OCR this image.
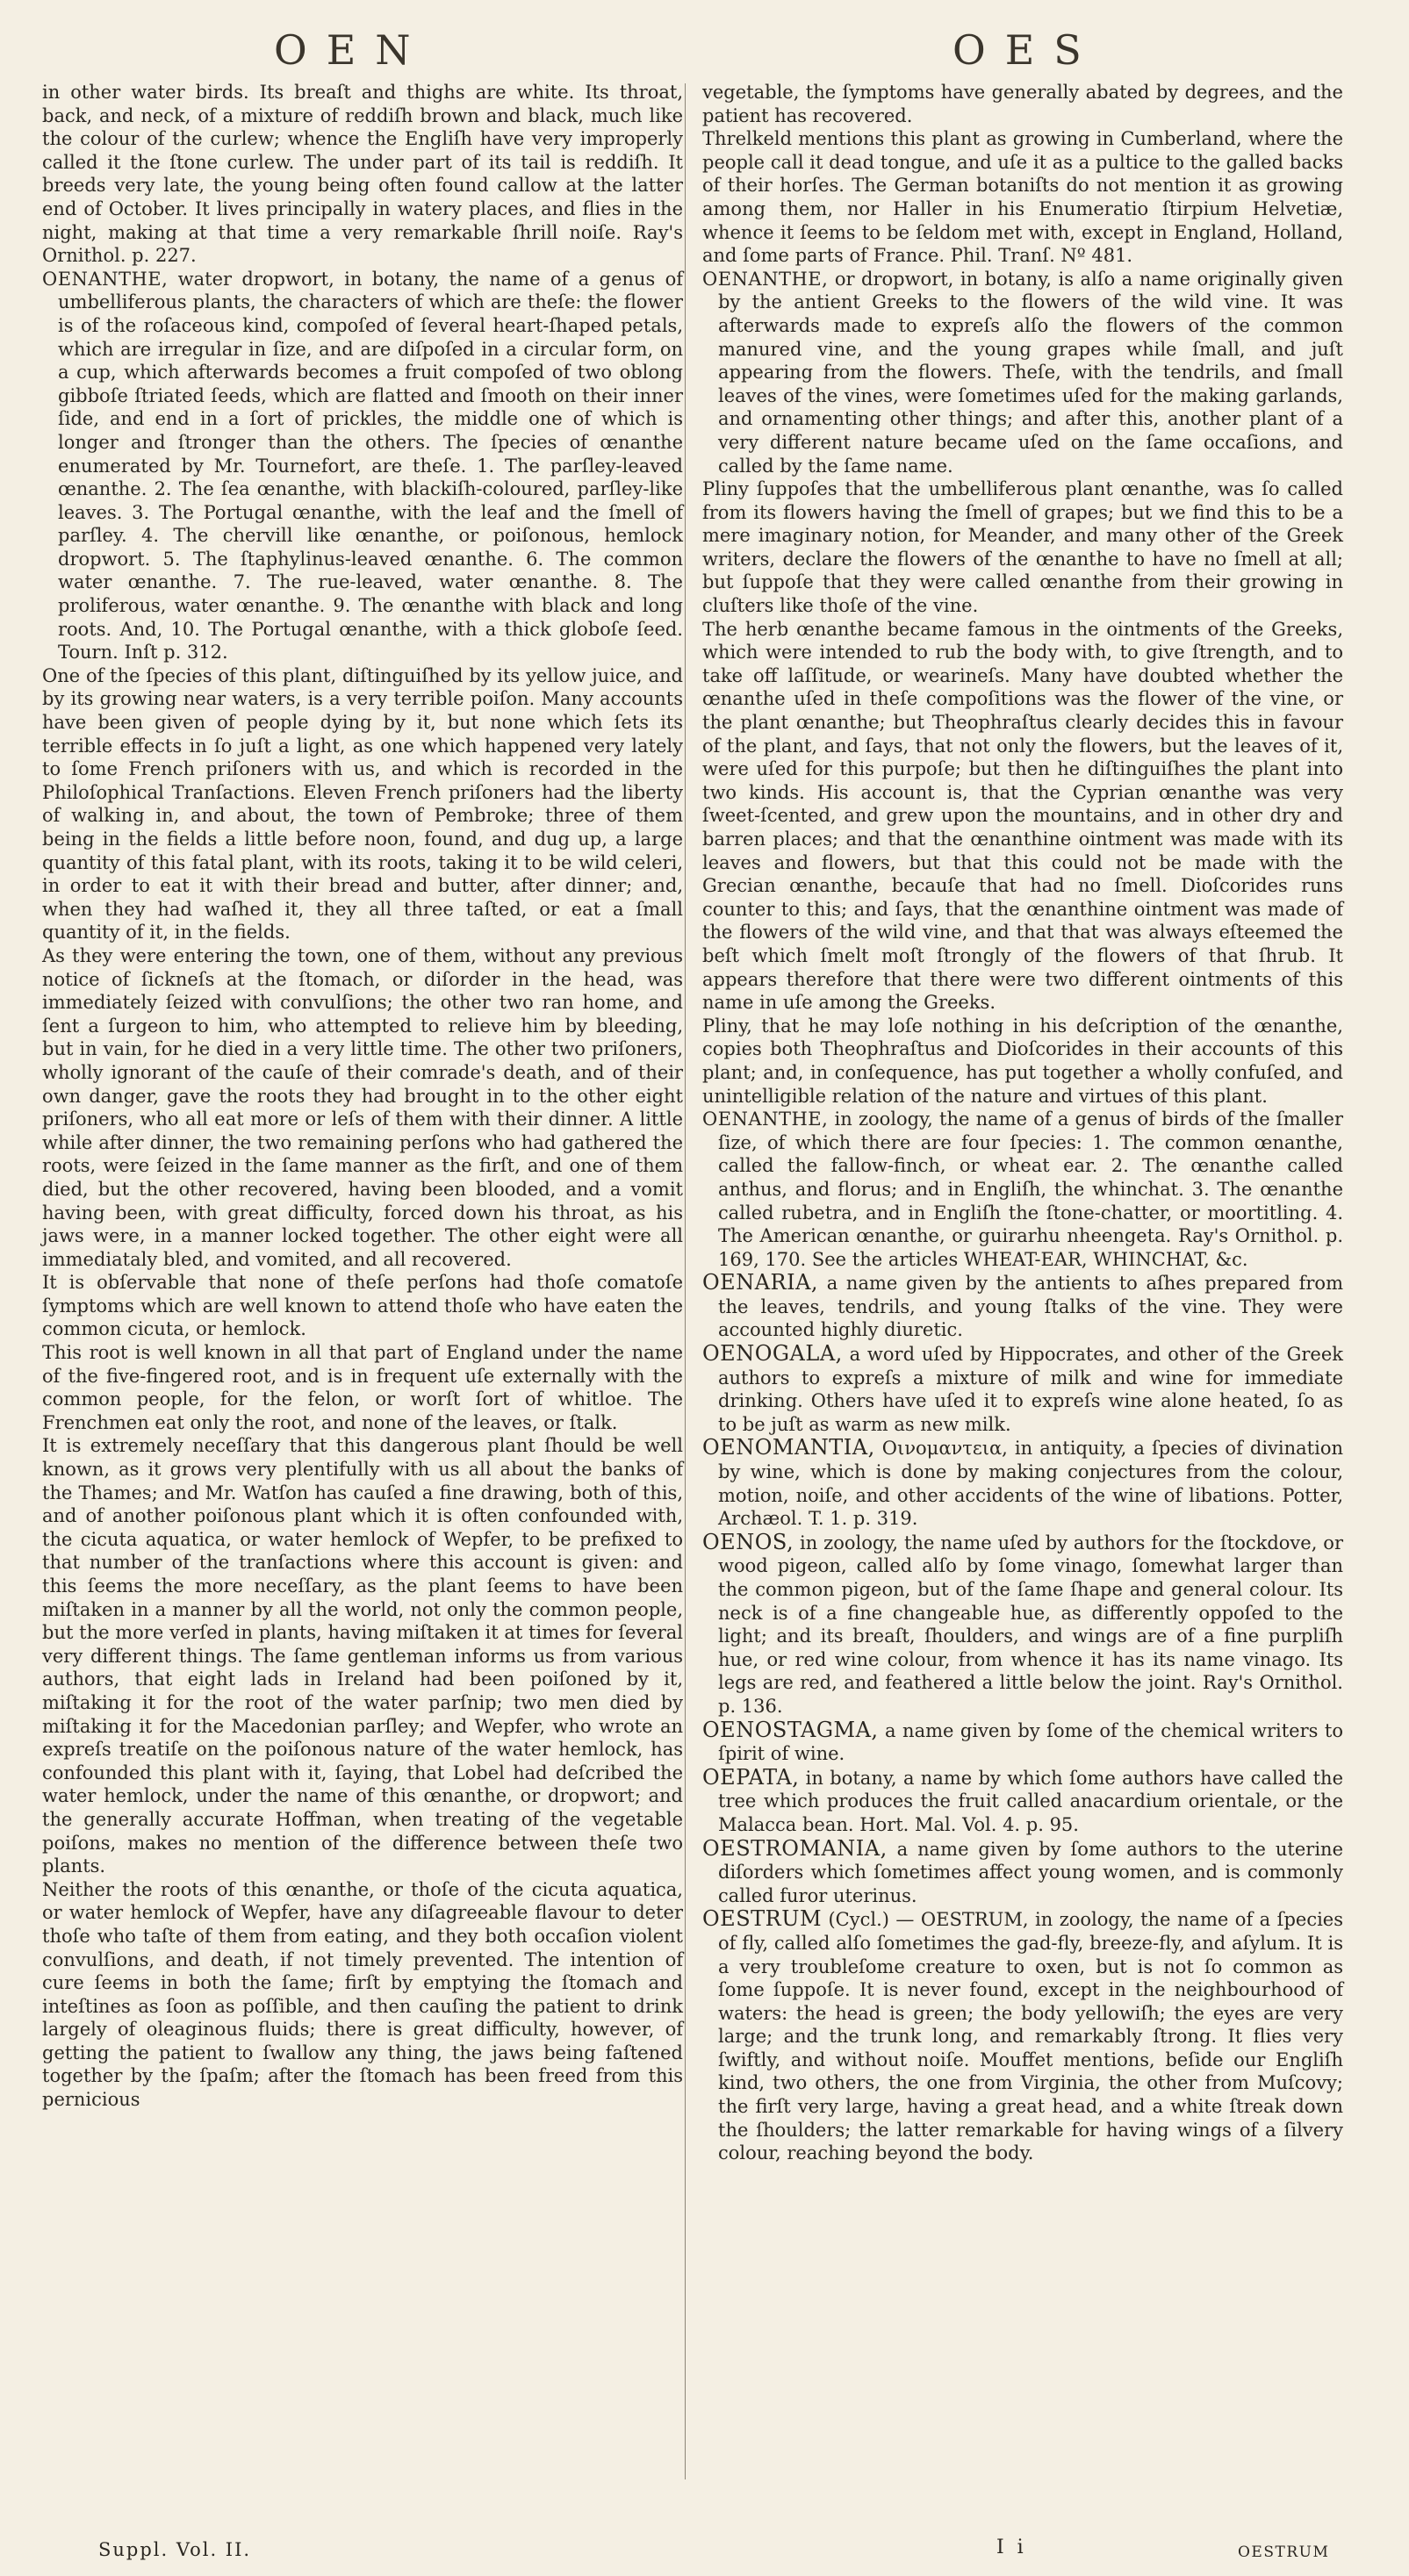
OEN	OES

in other water birds. Its breaſt and thighs are white. Its throat, back, and neck, of a mixture of reddiſh brown and black, much like the colour of the curlew; whence the Engliſh have very improperly called it the ſtone curlew. The under part of its tail is reddiſh. It breeds very late, the young being often found callow at the latter end of October. It lives principally in watery places, and flies in the night, making at that time a very remarkable ſhrill noiſe. Ray's Ornithol. p. 227.

OENANTHE, water dropwort, in botany, the name of a genus of umbelliferous plants, the characters of which are theſe: the flower is of the roſaceous kind, compoſed of ſeveral heart-ſhaped petals, which are irregular in ſize, and are diſpoſed in a circular form, on a cup, which afterwards becomes a fruit compoſed of two oblong gibboſe ſtriated ſeeds, which are flatted and ſmooth on their inner ſide, and end in a ſort of prickles, the middle one of which is longer and ſtronger than the others. The ſpecies of œnanthe enumerated by Mr. Tournefort, are theſe. 1. The parſley-leaved œnanthe. 2. The ſea œnanthe, with blackiſh-coloured, parſley-like leaves. 3. The Portugal œnanthe, with the leaf and the ſmell of parſley. 4. The chervill like œnanthe, or poiſonous, hemlock dropwort. 5. The ſtaphylinus-leaved œnanthe. 6. The common water œnanthe. 7. The rue-leaved, water œnanthe. 8. The proliferous, water œnanthe. 9. The œnanthe with black and long roots. And, 10. The Portugal œnanthe, with a thick globoſe ſeed. Tourn. Inſt p. 312.

One of the ſpecies of this plant, diſtinguiſhed by its yellow juice, and by its growing near waters, is a very terrible poiſon. Many accounts have been given of people dying by it, but none which ſets its terrible effects in ſo juſt a light, as one which happened very lately to ſome French priſoners with us, and which is recorded in the Philoſophical Tranſactions. Eleven French priſoners had the liberty of walking in, and about, the town of Pembroke; three of them being in the fields a little before noon, found, and dug up, a large quantity of this fatal plant, with its roots, taking it to be wild celeri, in order to eat it with their bread and butter, after dinner; and, when they had waſhed it, they all three taſted, or eat a ſmall quantity of it, in the fields.

As they were entering the town, one of them, without any previous notice of ſickneſs at the ſtomach, or diſorder in the head, was immediately ſeized with convulſions; the other two ran home, and ſent a ſurgeon to him, who attempted to relieve him by bleeding, but in vain, for he died in a very little time. The other two priſoners, wholly ignorant of the cauſe of their comrade's death, and of their own danger, gave the roots they had brought in to the other eight priſoners, who all eat more or leſs of them with their dinner. A little while after dinner, the two remaining perſons who had gathered the roots, were ſeized in the ſame manner as the firſt, and one of them died, but the other recovered, having been blooded, and a vomit having been, with great difficulty, forced down his throat, as his jaws were, in a manner locked together. The other eight were all immediataly bled, and vomited, and all recovered.

It is obſervable that none of theſe perſons had thoſe comatoſe ſymptoms which are well known to attend thoſe who have eaten the common cicuta, or hemlock.

This root is well known in all that part of England under the name of the five-fingered root, and is in frequent uſe externally with the common people, for the felon, or worſt ſort of whitloe. The Frenchmen eat only the root, and none of the leaves, or ſtalk.

It is extremely neceſſary that this dangerous plant ſhould be well known, as it grows very plentifully with us all about the banks of the Thames; and Mr. Watſon has cauſed a fine drawing, both of this, and of another poiſonous plant which it is often confounded with, the cicuta aquatica, or water hemlock of Wepfer, to be prefixed to that number of the tranſactions where this account is given: and this ſeems the more neceſſary, as the plant ſeems to have been miſtaken in a manner by all the world, not only the common people, but the more verſed in plants, having miſtaken it at times for ſeveral very different things. The ſame gentleman informs us from various authors, that eight lads in Ireland had been poiſoned by it, miſtaking it for the root of the water parſnip; two men died by miſtaking it for the Macedonian parſley; and Wepfer, who wrote an expreſs treatiſe on the poiſonous nature of the water hemlock, has confounded this plant with it, ſaying, that Lobel had deſcribed the water hemlock, under the name of this œnanthe, or dropwort; and the generally accurate Hoffman, when treating of the vegetable poiſons, makes no mention of the difference between theſe two plants.

Neither the roots of this œnanthe, or thoſe of the cicuta aquatica, or water hemlock of Wepfer, have any diſagreeable flavour to deter thoſe who taſte of them from eating, and they both occaſion violent convulſions, and death, if not timely prevented. The intention of cure ſeems in both the ſame; firſt by emptying the ſtomach and inteſtines as ſoon as poſſible, and then cauſing the patient to drink largely of oleaginous fluids; there is great difficulty, however, of getting the patient to ſwallow any thing, the jaws being faſtened together by the ſpaſm; after the ſtomach has been freed from this pernicious

vegetable, the ſymptoms have generally abated by degrees, and the patient has recovered.

Threlkeld mentions this plant as growing in Cumberland, where the people call it dead tongue, and uſe it as a pultice to the galled backs of their horſes. The German botaniſts do not mention it as growing among them, nor Haller in his Enumeratio ſtirpium Helvetiæ, whence it ſeems to be ſeldom met with, except in England, Holland, and ſome parts of France. Phil. Tranſ. Nº 481.

OENANTHE, or dropwort, in botany, is alſo a name originally given by the antient Greeks to the flowers of the wild vine. It was afterwards made to expreſs alſo the flowers of the common manured vine, and the young grapes while ſmall, and juſt appearing from the flowers. Theſe, with the tendrils, and ſmall leaves of the vines, were ſometimes uſed for the making garlands, and ornamenting other things; and after this, another plant of a very different nature became uſed on the ſame occaſions, and called by the ſame name.

Pliny ſuppoſes that the umbelliferous plant œnanthe, was ſo called from its flowers having the ſmell of grapes; but we find this to be a mere imaginary notion, for Meander, and many other of the Greek writers, declare the flowers of the œnanthe to have no ſmell at all; but ſuppoſe that they were called œnanthe from their growing in cluſters like thoſe of the vine.

The herb œnanthe became famous in the ointments of the Greeks, which were intended to rub the body with, to give ſtrength, and to take off laſſitude, or wearineſs. Many have doubted whether the œnanthe uſed in theſe compoſitions was the flower of the vine, or the plant œnanthe; but Theophraſtus clearly decides this in favour of the plant, and ſays, that not only the flowers, but the leaves of it, were uſed for this purpoſe; but then he diſtinguiſhes the plant into two kinds. His account is, that the Cyprian œnanthe was very ſweet-ſcented, and grew upon the mountains, and in other dry and barren places; and that the œnanthine ointment was made with its leaves and flowers, but that this could not be made with the Grecian œnanthe, becauſe that had no ſmell. Dioſcorides runs counter to this; and ſays, that the œnanthine ointment was made of the flowers of the wild vine, and that that was always eſteemed the beſt which ſmelt moſt ſtrongly of the flowers of that ſhrub. It appears therefore that there were two different ointments of this name in uſe among the Greeks.

Pliny, that he may loſe nothing in his deſcription of the œnanthe, copies both Theophraſtus and Dioſcorides in their accounts of this plant; and, in conſequence, has put together a wholly confuſed, and unintelligible relation of the nature and virtues of this plant.

OENANTHE, in zoology, the name of a genus of birds of the ſmaller ſize, of which there are four ſpecies: 1. The common œnanthe, called the fallow-finch, or wheat ear. 2. The œnanthe called anthus, and florus; and in Engliſh, the whinchat. 3. The œnanthe called rubetra, and in Engliſh the ſtone-chatter, or moortitling. 4. The American œnanthe, or guirarhu nheengeta. Ray's Ornithol. p. 169, 170. See the articles WHEAT-EAR, WHINCHAT, &c.

OENARIA, a name given by the antients to aſhes prepared from the leaves, tendrils, and young ſtalks of the vine. They were accounted highly diuretic.

OENOGALA, a word uſed by Hippocrates, and other of the Greek authors to expreſs a mixture of milk and wine for immediate drinking. Others have uſed it to expreſs wine alone heated, ſo as to be juſt as warm as new milk.

OENOMANTIA, Οινομαντεια, in antiquity, a ſpecies of divination by wine, which is done by making conjectures from the colour, motion, noiſe, and other accidents of the wine of libations. Potter, Archæol. T. 1. p. 319.

OENOS, in zoology, the name uſed by authors for the ſtockdove, or wood pigeon, called alſo by ſome vinago, ſomewhat larger than the common pigeon, but of the ſame ſhape and general colour. Its neck is of a fine changeable hue, as differently oppoſed to the light; and its breaſt, ſhoulders, and wings are of a fine purpliſh hue, or red wine colour, from whence it has its name vinago. Its legs are red, and feathered a little below the joint. Ray's Ornithol. p. 136.

OENOSTAGMA, a name given by ſome of the chemical writers to ſpirit of wine.

OEPATA, in botany, a name by which ſome authors have called the tree which produces the fruit called anacardium orientale, or the Malacca bean. Hort. Mal. Vol. 4. p. 95.

OESTROMANIA, a name given by ſome authors to the uterine diſorders which ſometimes affect young women, and is commonly called furor uterinus.

OESTRUM (Cycl.) — OESTRUM, in zoology, the name of a ſpecies of fly, called alſo ſometimes the gad-fly, breeze-fly, and aſylum. It is a very troubleſome creature to oxen, but is not ſo common as ſome ſuppoſe. It is never found, except in the neighbourhood of waters: the head is green; the body yellowiſh; the eyes are very large; and the trunk long, and remarkably ſtrong. It flies very ſwiftly, and without noiſe. Mouffet mentions, beſide our Engliſh kind, two others, the one from Virginia, the other from Muſcovy; the firſt very large, having a great head, and a white ſtreak down the ſhoulders; the latter remarkable for having wings of a ſilvery colour, reaching beyond the body.

Suppl. Vol. II.	I i	OESTRUM
